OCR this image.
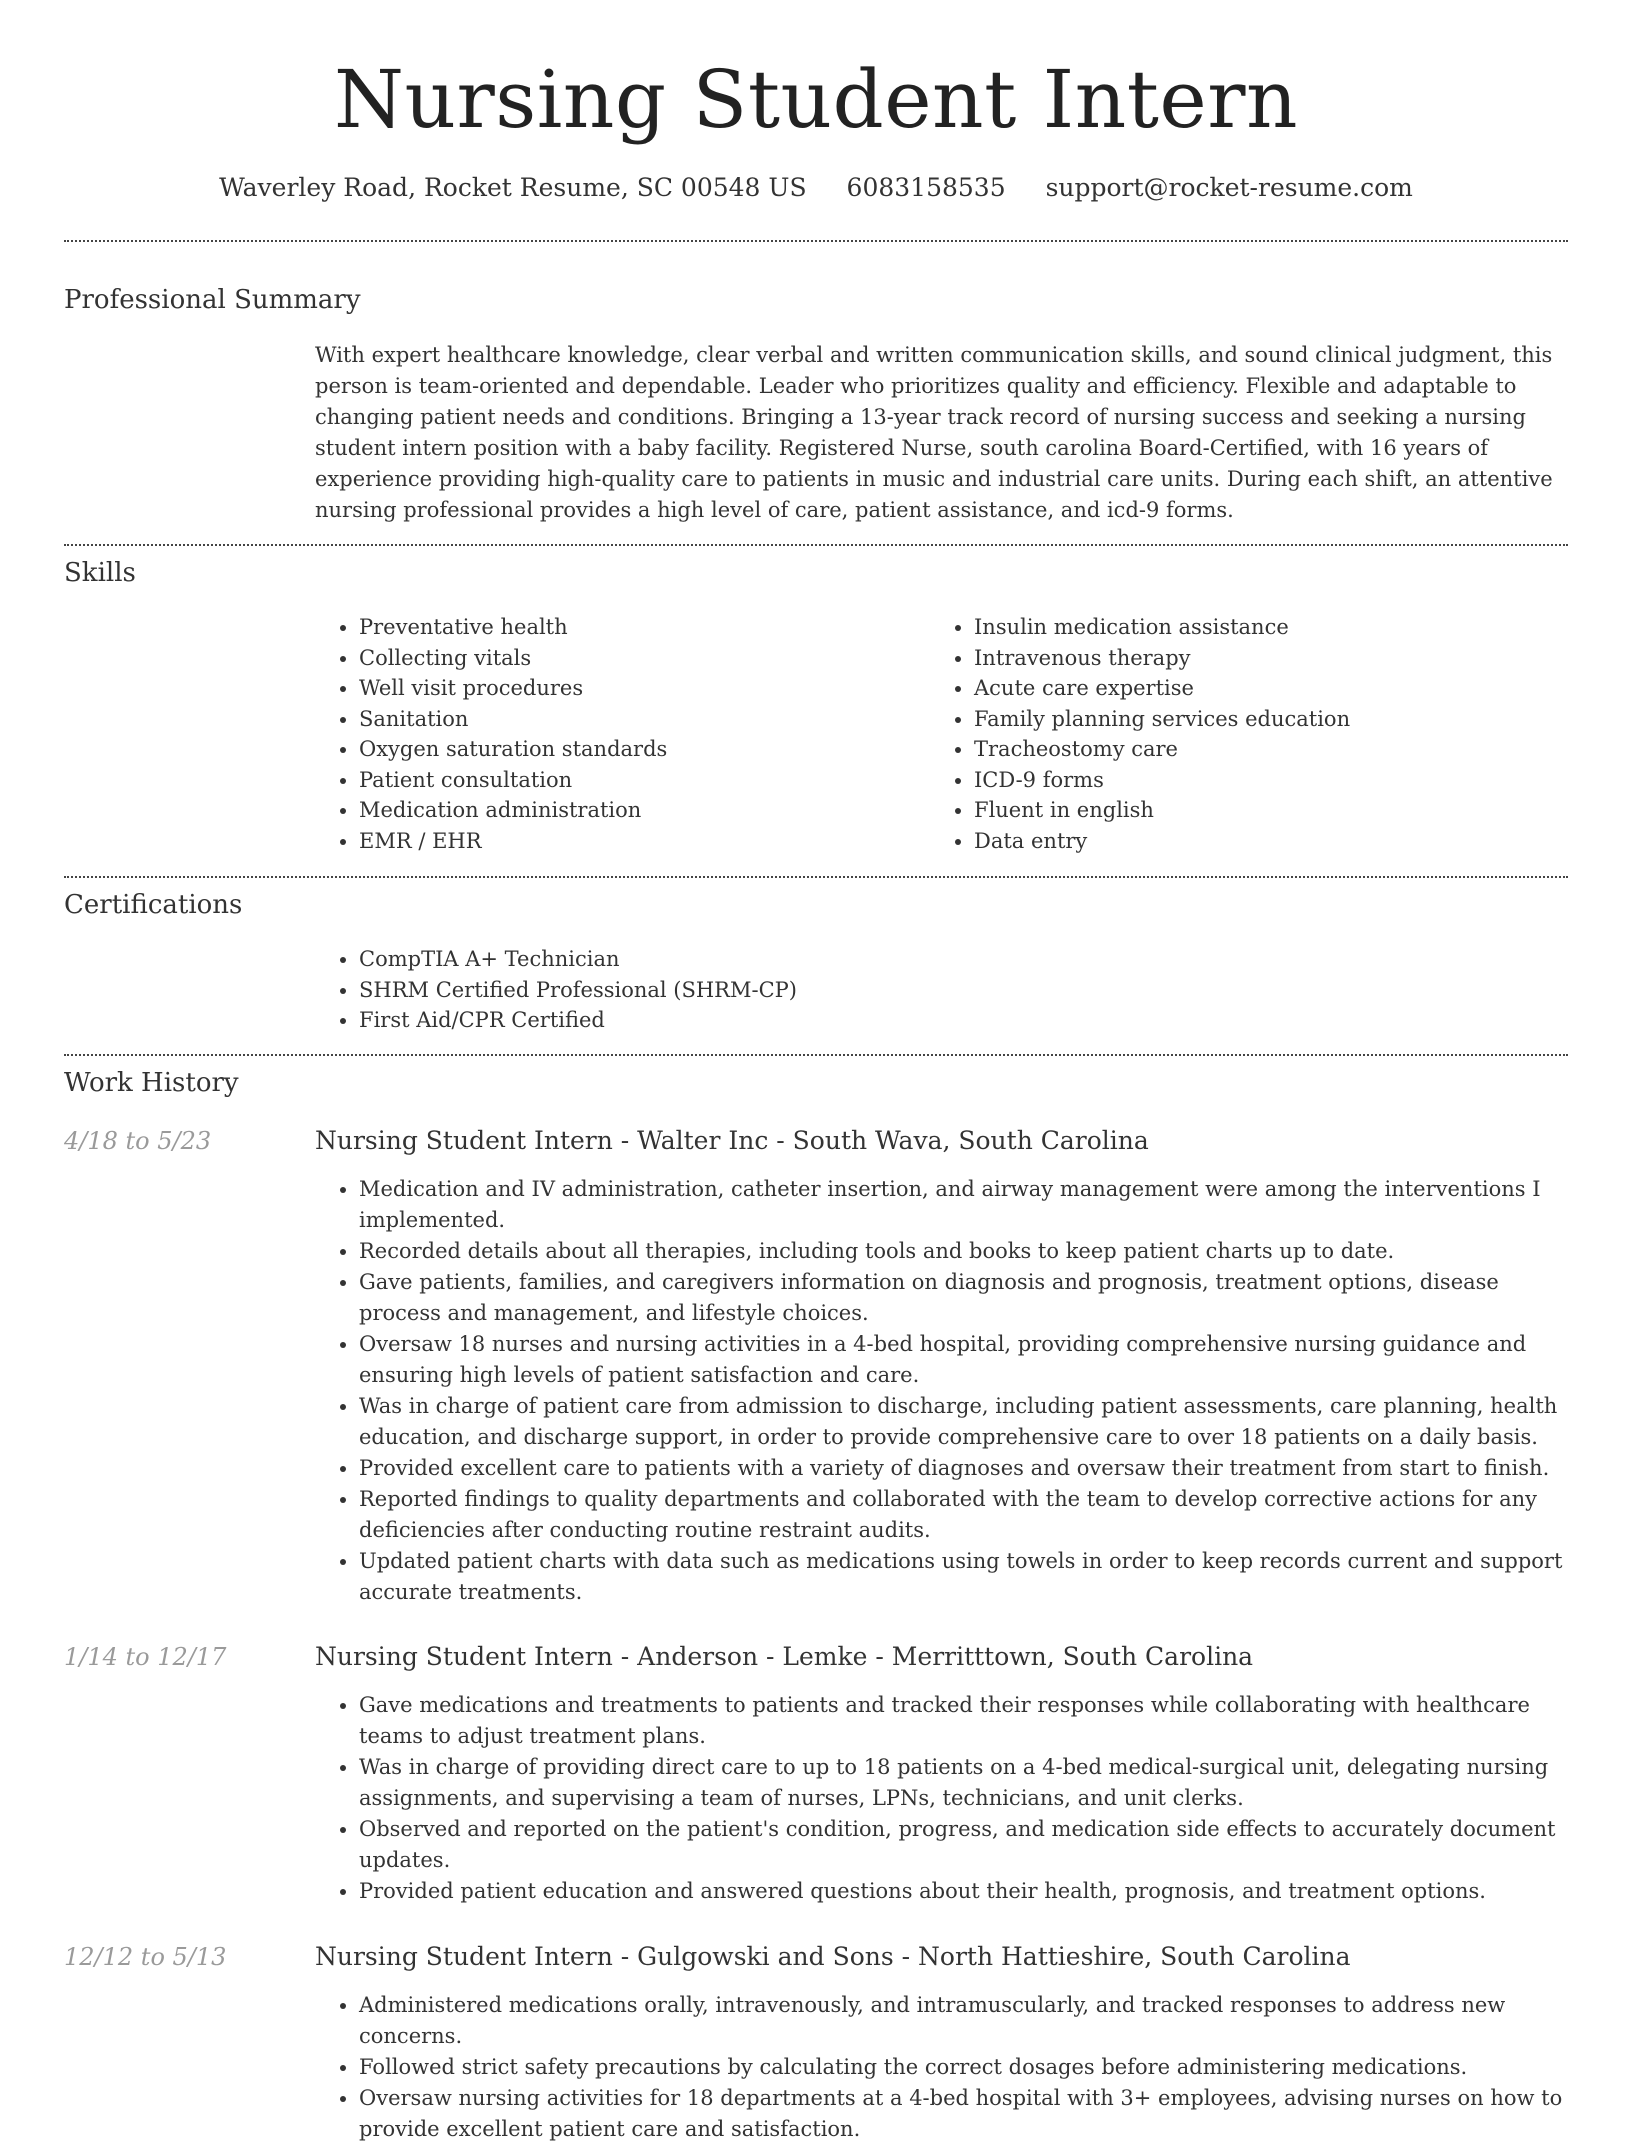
Nursing Student Intern
Waverley Road, Rocket Resume, SC 00548 US 6083158535 support@rocket-resume.com
Professional Summary
With expert healthcare knowledge, clear verbal and written communication skills, and sound clinical judgment, this person is team-oriented and dependable. Leader who prioritizes quality and efficiency. Flexible and adaptable to changing patient needs and conditions. Bringing a 13-year track record of nursing success and seeking a nursing student intern position with a baby facility. Registered Nurse, south carolina Board-Certified, with 16 years of experience providing high-quality care to patients in music and industrial care units. During each shift, an attentive nursing professional provides a high level of care, patient assistance, and icd-9 forms.
Skills
• Preventative health
• Collecting vitals
• Well visit procedures
• Sanitation
• Oxygen saturation standards
• Patient consultation
• Medication administration
• EMR / EHR
• Insulin medication assistance
• Intravenous therapy
• Acute care expertise
• Family planning services education
• Tracheostomy care
• ICD-9 forms
• Fluent in english
• Data entry
Certifications
• CompTIA A+ Technician
• SHRM Certified Professional (SHRM-CP)
• First Aid/CPR Certified
Work History
4/18 to 5/23	Nursing Student Intern - Walter Inc - South Wava, South Carolina
• Medication and IV administration, catheter insertion, and airway management were among the interventions I implemented.
• Recorded details about all therapies, including tools and books to keep patient charts up to date.
• Gave patients, families, and caregivers information on diagnosis and prognosis, treatment options, disease process and management, and lifestyle choices.
• Oversaw 18 nurses and nursing activities in a 4-bed hospital, providing comprehensive nursing guidance and ensuring high levels of patient satisfaction and care.
• Was in charge of patient care from admission to discharge, including patient assessments, care planning, health education, and discharge support, in order to provide comprehensive care to over 18 patients on a daily basis.
• Provided excellent care to patients with a variety of diagnoses and oversaw their treatment from start to finish.
• Reported findings to quality departments and collaborated with the team to develop corrective actions for any deficiencies after conducting routine restraint audits.
• Updated patient charts with data such as medications using towels in order to keep records current and support accurate treatments.
1/14 to 12/17	Nursing Student Intern - Anderson - Lemke - Merritttown, South Carolina
• Gave medications and treatments to patients and tracked their responses while collaborating with healthcare teams to adjust treatment plans.
• Was in charge of providing direct care to up to 18 patients on a 4-bed medical-surgical unit, delegating nursing assignments, and supervising a team of nurses, LPNs, technicians, and unit clerks.
• Observed and reported on the patient's condition, progress, and medication side effects to accurately document updates.
• Provided patient education and answered questions about their health, prognosis, and treatment options.
12/12 to 5/13	Nursing Student Intern - Gulgowski and Sons - North Hattieshire, South Carolina
• Administered medications orally, intravenously, and intramuscularly, and tracked responses to address new concerns.
• Followed strict safety precautions by calculating the correct dosages before administering medications.
• Oversaw nursing activities for 18 departments at a 4-bed hospital with 3+ employees, advising nurses on how to provide excellent patient care and satisfaction.
